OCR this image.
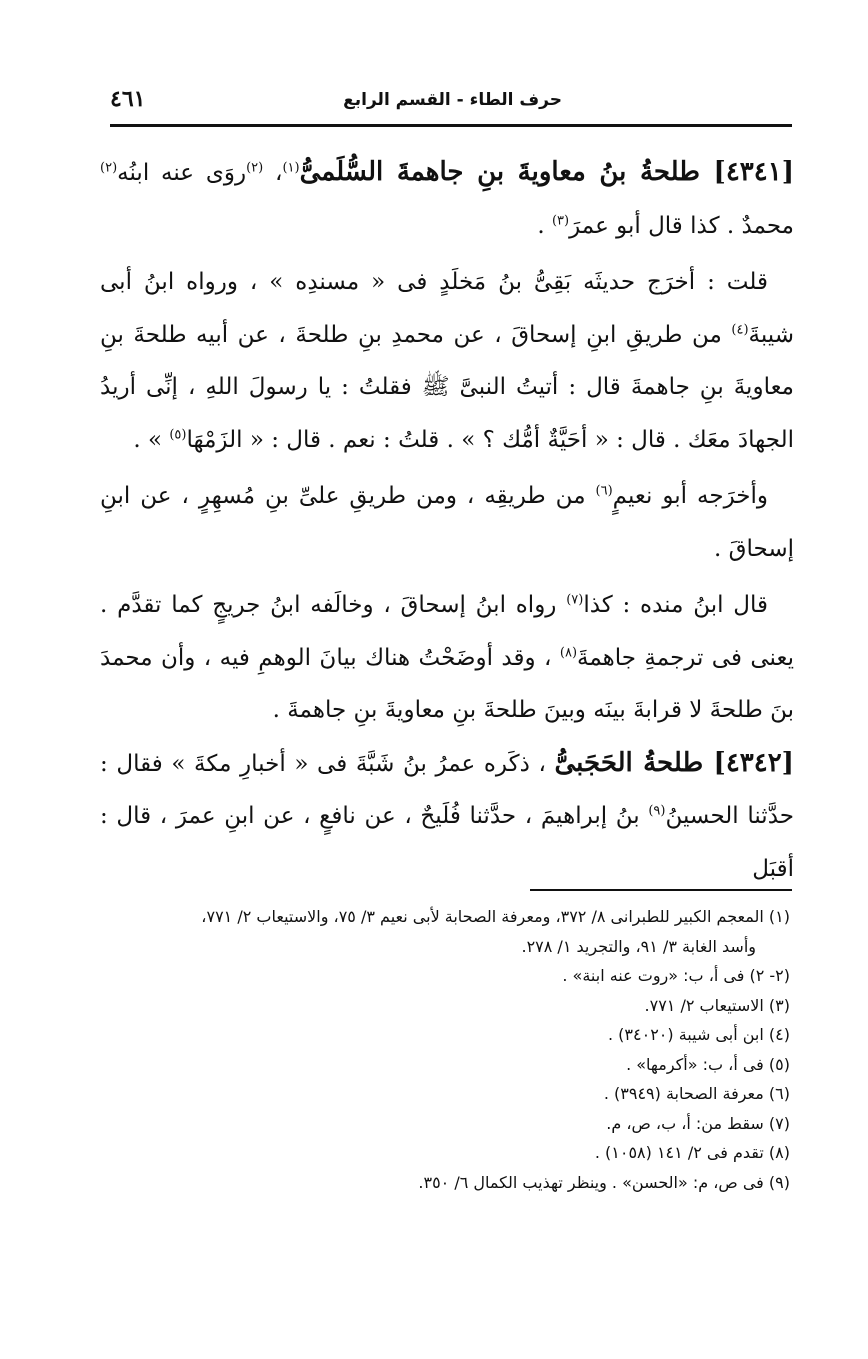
حرف الطاء - القسم الرابع
٤٦١

[٤٣٤١] طلحةُ بنُ معاويةَ بنِ جاهمةَ السُّلَمىُّ$^{(١)}$، $^{(٢)}$روَى عنه ابنُه$^{(٢)}$ محمدٌ . كذا قال أبو عمرَ$^{(٣)}$ .

قلت : أخرَج حديثَه بَقِىُّ بنُ مَخلَدٍ فى « مسندِه » ، ورواه ابنُ أبى شيبةَ$^{(٤)}$ من طريقِ ابنِ إسحاقَ ، عن محمدِ بنِ طلحةَ ، عن أبيه طلحةَ بنِ معاويةَ بنِ جاهمةَ قال : أتيتُ النبىَّ ﷺ فقلتُ : يا رسولَ اللهِ ، إنِّى أريدُ الجهادَ معَك . قال : « أحَيَّةٌ أمُّك ؟ » . قلتُ : نعم . قال : « الزَمْهَا$^{(٥)}$ » .

وأخرَجه أبو نعيمٍ$^{(٦)}$ من طريقِه ، ومن طريقِ علىِّ بنِ مُسهِرٍ ، عن ابنِ إسحاقَ .

قال ابنُ منده : كذا$^{(٧)}$ رواه ابنُ إسحاقَ ، وخالَفه ابنُ جريجٍ كما تقدَّم . يعنى فى ترجمةِ جاهمةَ$^{(٨)}$ ، وقد أوضَحْتُ هناك بيانَ الوهمِ فيه ، وأن محمدَ بنَ طلحةَ لا قرابةَ بينَه وبينَ طلحةَ بنِ معاويةَ بنِ جاهمةَ .

[٤٣٤٢] طلحةُ الحَجَبىُّ ، ذكَره عمرُ بنُ شَبَّةَ فى « أخبارِ مكةَ » فقال : حدَّثنا الحسينُ$^{(٩)}$ بنُ إبراهيمَ ، حدَّثنا فُلَيحٌ ، عن نافعٍ ، عن ابنِ عمرَ ، قال : أقبَل

(١) المعجم الكبير للطبرانى ٨/ ٣٧٢، ومعرفة الصحابة لأبى نعيم ٣/ ٧٥، والاستيعاب ٢/ ٧٧١،

وأسد الغابة ٣/ ٩١، والتجريد ١/ ٢٧٨.

(٢- ٢) فى أ، ب: «روت عنه ابنة» .

(٣) الاستيعاب ٢/ ٧٧١.

(٤) ابن أبى شيبة (٣٤٠٢٠) .

(٥) فى أ، ب: «أكرمها» .

(٦) معرفة الصحابة (٣٩٤٩) .

(٧) سقط من: أ، ب، ص، م.

(٨) تقدم فى ٢/ ١٤١ (١٠٥٨) .

(٩) فى ص، م: «الحسن» . وينظر تهذيب الكمال ٦/ ٣٥٠.
